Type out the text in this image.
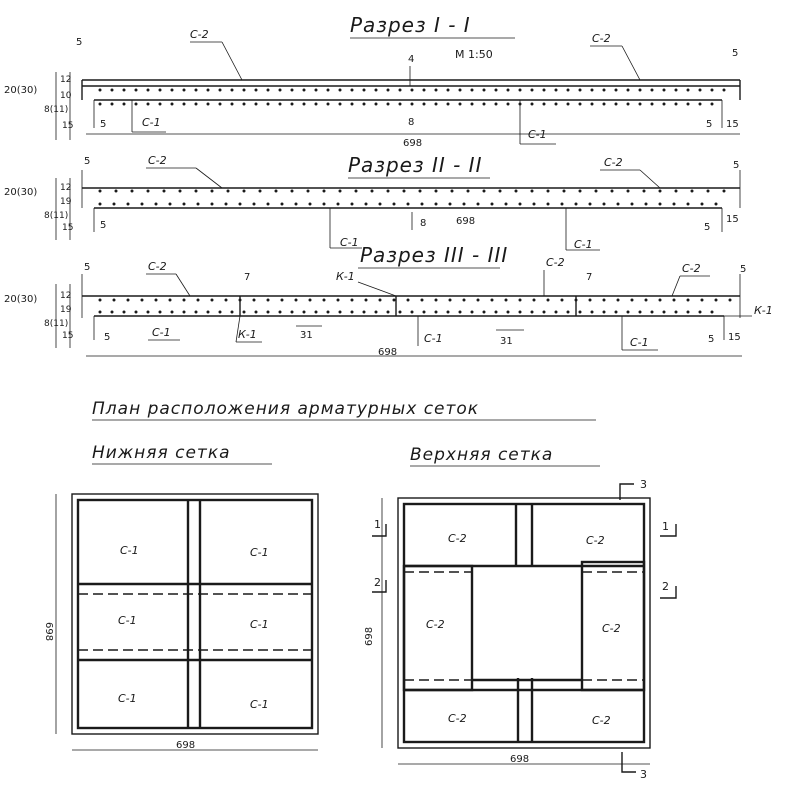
Разрез I - I
М 1:50
5
5
20(30)
12
10
8(11)
15	5
4
8
698
5 15
С-2	С-2
С-1
С-1
Разрез II - II
5	5
20(30)	12
19
8(11)
15	5	8	698
5
15
С-2	С-2
С-1	С-1
Разрез III - III
5	5
20(30)	12
19
8(11)
15	5
7	7
31
31
698
5 15
С-2	С-2	С-2
К-1
К-1
К-1
С-1	С-1	С-1
План расположения арматурных сеток
Нижняя сетка
С-1	С-1
С-1	С-1
С-1	С-1
698
698
Верхняя сетка
С-2	С-2
С-2	С-2
С-2	С-2
698
698
3
3
1	1
2	2
